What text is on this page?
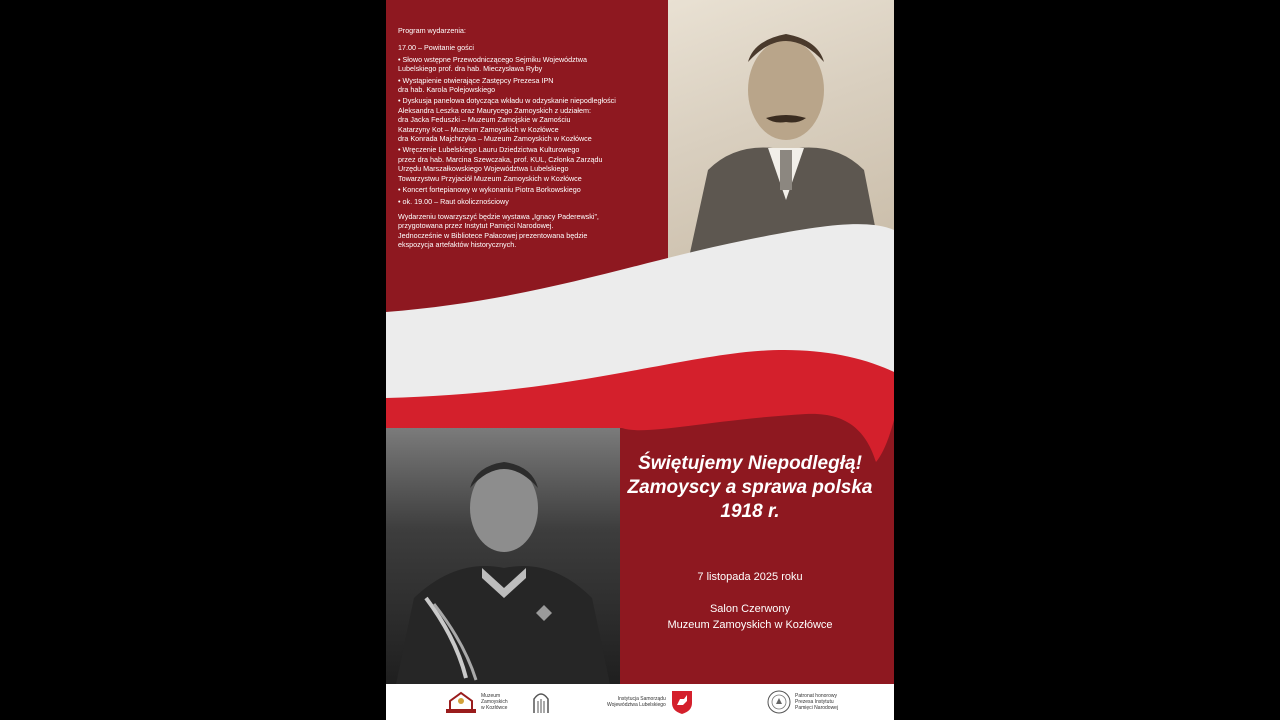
Program wydarzenia:
17.00 – Powitanie gości
• Słowo wstępne Przewodniczącego Sejmiku Województwa
Lubelskiego prof. dra hab. Mieczysława Ryby
• Wystąpienie otwierające Zastępcy Prezesa IPN
dra hab. Karola Polejowskiego
• Dyskusja panelowa dotycząca wkładu w odzyskanie niepodległości
Aleksandra Leszka oraz Maurycego Zamoyskich z udziałem:
dra Jacka Feduszki – Muzeum Zamojskie w Zamościu
Katarzyny Kot – Muzeum Zamoyskich w Kozłówce
dra Konrada Majchrzyka – Muzeum Zamoyskich w Kozłówce
• Wręczenie Lubelskiego Lauru Dziedzictwa Kulturowego
przez dra hab. Marcina Szewczaka, prof. KUL, Członka Zarządu
Urzędu Marszałkowskiego Województwa Lubelskiego
Towarzystwu Przyjaciół Muzeum Zamoyskich w Kozłówce
• Koncert fortepianowy w wykonaniu Piotra Borkowskiego
• ok. 19.00 – Raut okolicznościowy
Wydarzeniu towarzyszyć będzie wystawa „Ignacy Paderewski”,
przygotowana przez Instytut Pamięci Narodowej.
Jednocześnie w Bibliotece Pałacowej prezentowana będzie
ekspozycja artefaktów historycznych.
Świętujemy Niepodległą!
Zamoyscy a sprawa polska
1918 r.
7 listopada 2025 roku
Salon Czerwony
Muzeum Zamoyskich w Kozłówce
Muzeum
Zamoyskich
w Kozłówce
Instytucja Samorządu
Województwa Lubelskiego
Patronat honorowy
Prezesa Instytutu
Pamięci Narodowej
